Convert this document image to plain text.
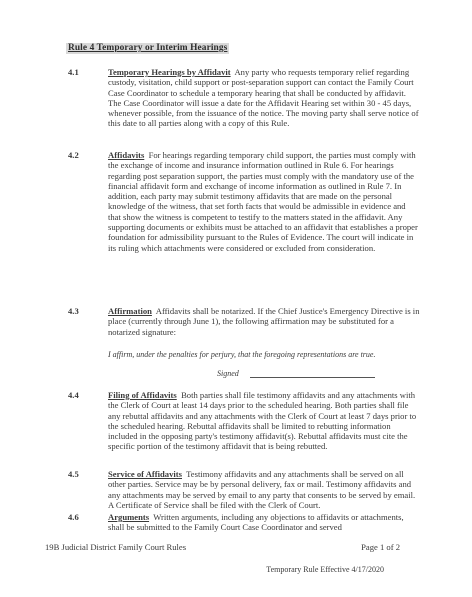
Rule 4 Temporary or Interim Hearings
4.1	Temporary Hearings by Affidavit Any party who requests temporary relief regarding custody, visitation, child support or post-separation support can contact the Family Court Case Coordinator to schedule a temporary hearing that shall be conducted by affidavit. The Case Coordinator will issue a date for the Affidavit Hearing set within 30 - 45 days, whenever possible, from the issuance of the notice. The moving party shall serve notice of this date to all parties along with a copy of this Rule.
4.2	Affidavits For hearings regarding temporary child support, the parties must comply with the exchange of income and insurance information outlined in Rule 6. For hearings regarding post separation support, the parties must comply with the mandatory use of the financial affidavit form and exchange of income information as outlined in Rule 7. In addition, each party may submit testimony affidavits that are made on the personal knowledge of the witness, that set forth facts that would be admissible in evidence and that show the witness is competent to testify to the matters stated in the affidavit. Any supporting documents or exhibits must be attached to an affidavit that establishes a proper foundation for admissibility pursuant to the Rules of Evidence. The court will indicate in its ruling which attachments were considered or excluded from consideration.
4.3	Affirmation Affidavits shall be notarized. If the Chief Justice's Emergency Directive is in place (currently through June 1), the following affirmation may be substituted for a notarized signature:
I affirm, under the penalties for perjury, that the foregoing representations are true.
Signed
4.4	Filing of Affidavits Both parties shall file testimony affidavits and any attachments with the Clerk of Court at least 14 days prior to the scheduled hearing. Both parties shall file any rebuttal affidavits and any attachments with the Clerk of Court at least 7 days prior to the scheduled hearing. Rebuttal affidavits shall be limited to rebutting information included in the opposing party's testimony affidavit(s). Rebuttal affidavits must cite the specific portion of the testimony affidavit that is being rebutted.
4.5	Service of Affidavits Testimony affidavits and any attachments shall be served on all other parties. Service may be by personal delivery, fax or mail. Testimony affidavits and any attachments may be served by email to any party that consents to be served by email. A Certificate of Service shall be filed with the Clerk of Court.
4.6	Arguments Written arguments, including any objections to affidavits or attachments, shall be submitted to the Family Court Case Coordinator and served
19B Judicial District Family Court Rules	Page 1 of 2
Temporary Rule Effective 4/17/2020
